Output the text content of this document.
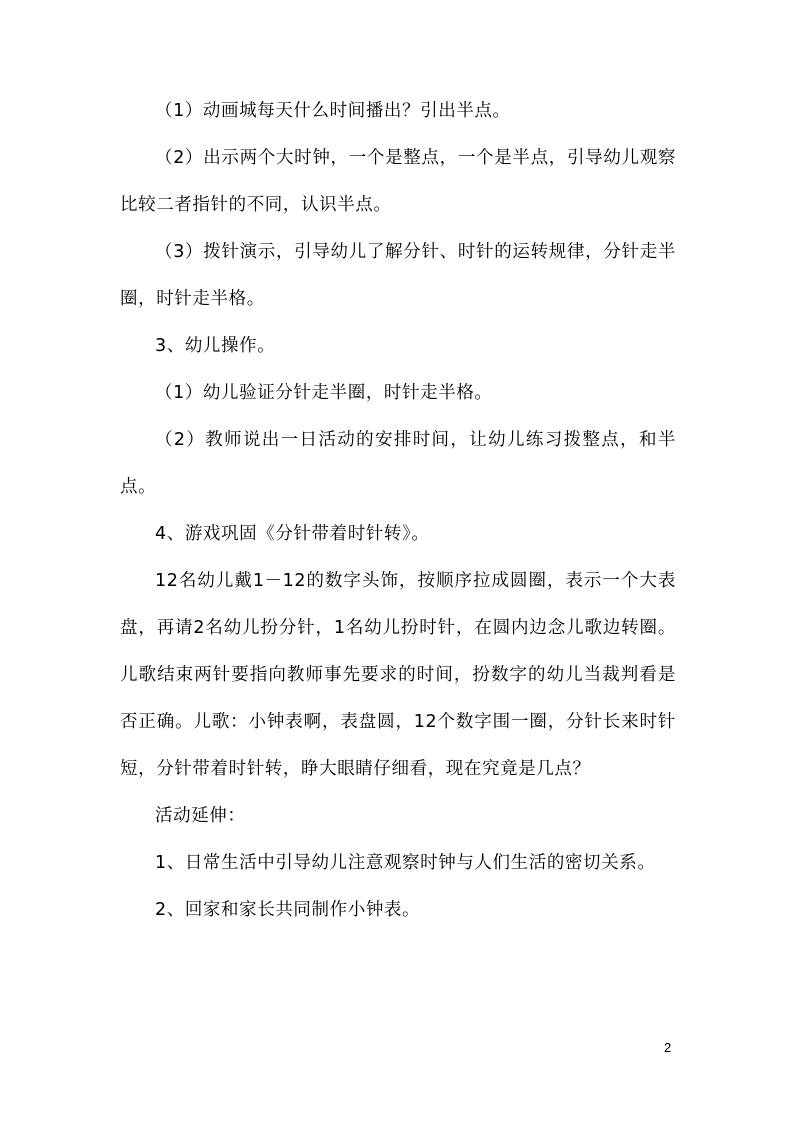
（1）动画城每天什么时间播出？引出半点。

（2）出示两个大时钟，一个是整点，一个是半点，引导幼儿观察比较二者指针的不同，认识半点。

（3）拨针演示，引导幼儿了解分针、时针的运转规律，分针走半圈，时针走半格。

3、幼儿操作。

（1）幼儿验证分针走半圈，时针走半格。

（2）教师说出一日活动的安排时间，让幼儿练习拨整点，和半点。

4、游戏巩固《分针带着时针转》。

12名幼儿戴1－12的数字头饰，按顺序拉成圆圈，表示一个大表盘，再请2名幼儿扮分针，1名幼儿扮时针，在圆内边念儿歌边转圈。儿歌结束两针要指向教师事先要求的时间，扮数字的幼儿当裁判看是否正确。儿歌：小钟表啊，表盘圆，12个数字围一圈，分针长来时针短，分针带着时针转，睁大眼睛仔细看，现在究竟是几点？

活动延伸：

1、日常生活中引导幼儿注意观察时钟与人们生活的密切关系。

2、回家和家长共同制作小钟表。

2
